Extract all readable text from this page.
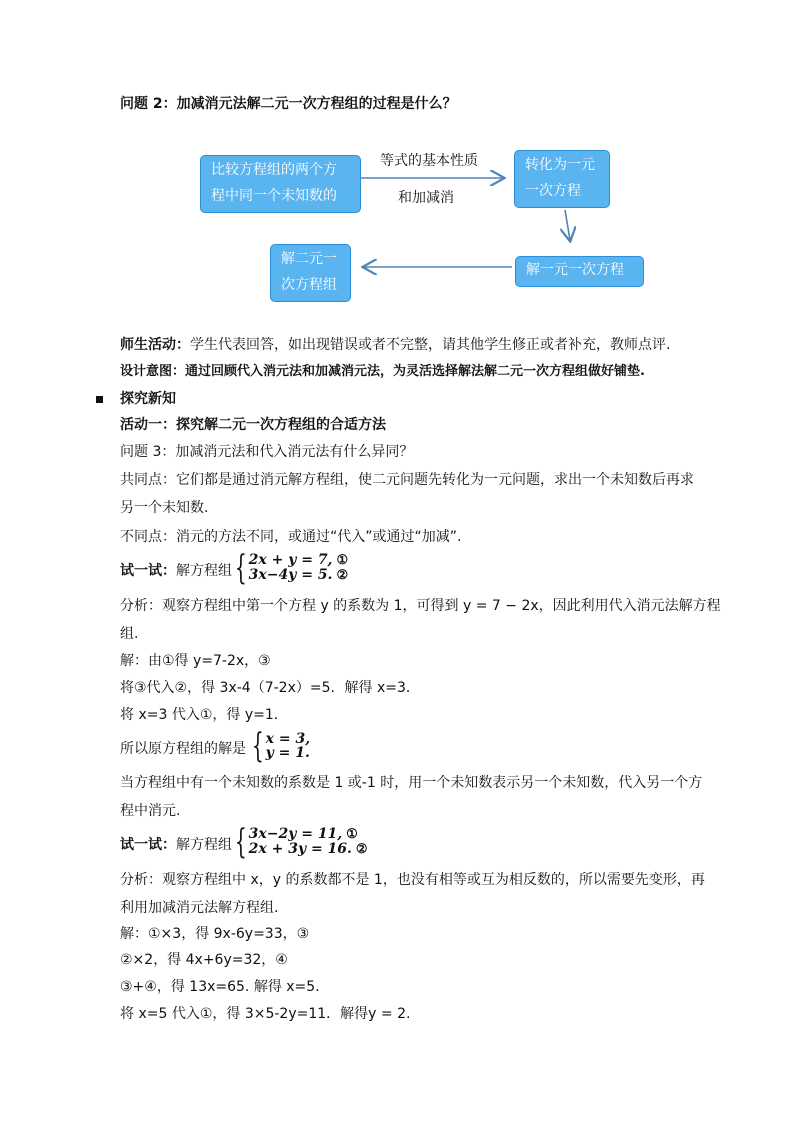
问题 2：加减消元法解二元一次方程组的过程是什么？
比较方程组的两个方
程中同一个未知数的
等式的基本性质
和加减消
转化为一元
一次方程
解一元一次方程
解二元一
次方程组
师生活动：学生代表回答，如出现错误或者不完整，请其他学生修正或者补充，教师点评.
设计意图：通过回顾代入消元法和加减消元法，为灵活选择解法解二元一次方程组做好铺垫.
探究新知
活动一：探究解二元一次方程组的合适方法
问题 3：加减消元法和代入消元法有什么异同？
共同点：它们都是通过消元解方程组，使二元问题先转化为一元问题，求出一个未知数后再求
另一个未知数.
不同点：消元的方法不同，或通过“代入”或通过“加减”.
试一试：解方程组 { 2x + y = 7, ①
3x−4y = 5. ②
分析：观察方程组中第一个方程 y 的系数为 1，可得到 y = 7 − 2x，因此利用代入消元法解方程
组.
解：由①得 y=7-2x，③
将③代入②，得 3x-4（7-2x）=5．解得 x=3．
将 x=3 代入①，得 y=1．
所以原方程组的解是 { x = 3,
y = 1.
当方程组中有一个未知数的系数是 1 或-1 时，用一个未知数表示另一个未知数，代入另一个方
程中消元.
试一试：解方程组 { 3x−2y = 11, ①
2x + 3y = 16. ②
分析：观察方程组中 x，y 的系数都不是 1，也没有相等或互为相反数的，所以需要先变形，再
利用加减消元法解方程组.
解：①×3，得 9x-6y=33，③
②×2，得 4x+6y=32，④
③+④，得 13x=65. 解得 x=5．
将 x=5 代入①，得 3×5-2y=11．解得y = 2.
